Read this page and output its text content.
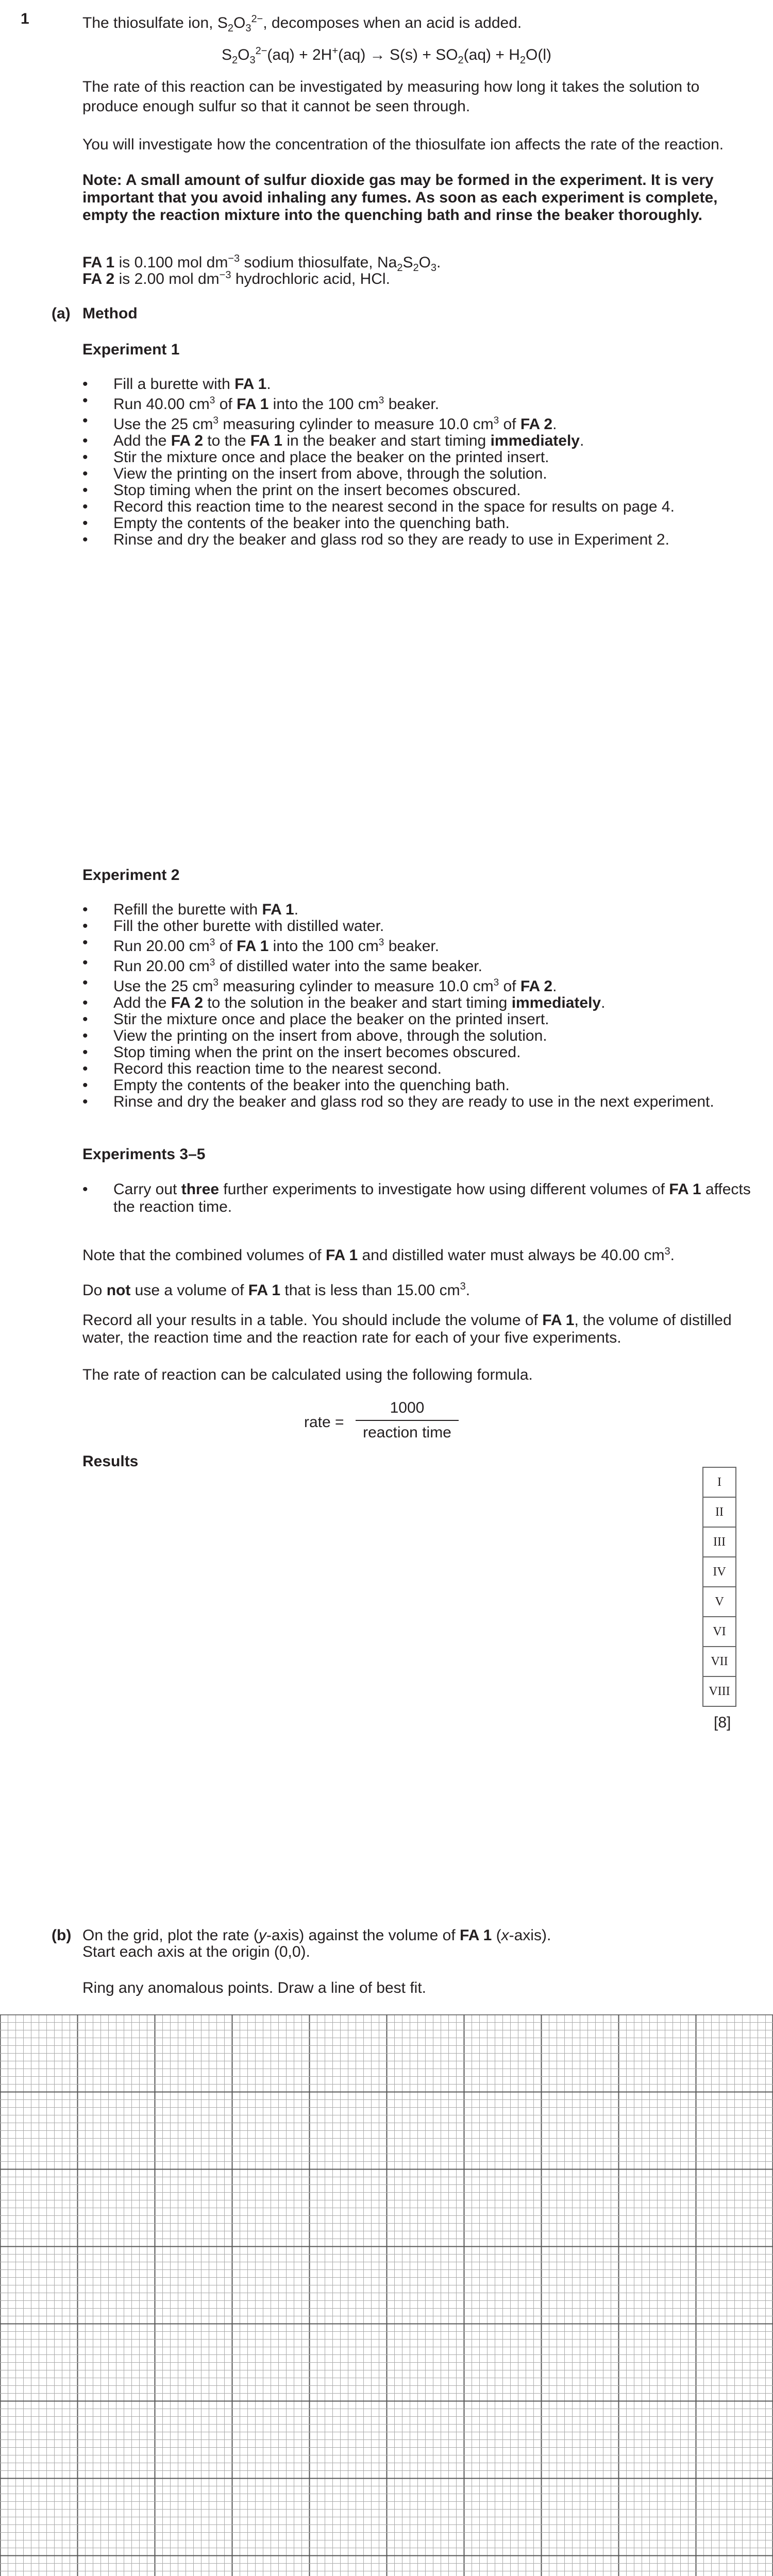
1	The thiosulfate ion, $S_2O_3^{2-}$, decomposes when an acid is added.
$S_2O_3^{2-}(aq) + 2H^+(aq) \to S(s) + SO_2(aq) + H_2O(l)$
The rate of this reaction can be investigated by measuring how long it takes the solution to produce enough sulfur so that it cannot be seen through.
You will investigate how the concentration of the thiosulfate ion affects the rate of the reaction.
Note: A small amount of sulfur dioxide gas may be formed in the experiment. It is very important that you avoid inhaling any fumes. As soon as each experiment is complete, empty the reaction mixture into the quenching bath and rinse the beaker thoroughly.
FA 1 is 0.100 mol $dm^{-3}$ sodium thiosulfate, $Na_2S_2O_3$.
FA 2 is 2.00 mol $dm^{-3}$ hydrochloric acid, HCl.
(a) Method
Experiment 1
• Fill a burette with FA 1.
• Run 40.00 $cm^3$ of FA 1 into the 100 $cm^3$ beaker.
• Use the 25 $cm^3$ measuring cylinder to measure 10.0 $cm^3$ of FA 2.
• Add the FA 2 to the FA 1 in the beaker and start timing immediately.
• Stir the mixture once and place the beaker on the printed insert.
• View the printing on the insert from above, through the solution.
• Stop timing when the print on the insert becomes obscured.
• Record this reaction time to the nearest second in the space for results on page 4.
• Empty the contents of the beaker into the quenching bath.
• Rinse and dry the beaker and glass rod so they are ready to use in Experiment 2.
Experiment 2
• Refill the burette with FA 1.
• Fill the other burette with distilled water.
• Run 20.00 $cm^3$ of FA 1 into the 100 $cm^3$ beaker.
• Run 20.00 $cm^3$ of distilled water into the same beaker.
• Use the 25 $cm^3$ measuring cylinder to measure 10.0 $cm^3$ of FA 2.
• Add the FA 2 to the solution in the beaker and start timing immediately.
• Stir the mixture once and place the beaker on the printed insert.
• View the printing on the insert from above, through the solution.
• Stop timing when the print on the insert becomes obscured.
• Record this reaction time to the nearest second.
• Empty the contents of the beaker into the quenching bath.
• Rinse and dry the beaker and glass rod so they are ready to use in the next experiment.
Experiments 3–5
• Carry out three further experiments to investigate how using different volumes of FA 1 affects the reaction time.
Note that the combined volumes of FA 1 and distilled water must always be 40.00 $cm^3$.
Do not use a volume of FA 1 that is less than 15.00 $cm^3$.
Record all your results in a table. You should include the volume of FA 1, the volume of distilled water, the reaction time and the reaction rate for each of your five experiments.
The rate of reaction can be calculated using the following formula.
rate =
1000
reaction time
Results
I
II
III
IV
V
VI
VII
VIII
[8]
(b) On the grid, plot the rate (y-axis) against the volume of FA 1 (x-axis).
Start each axis at the origin (0,0).
Ring any anomalous points. Draw a line of best fit.
